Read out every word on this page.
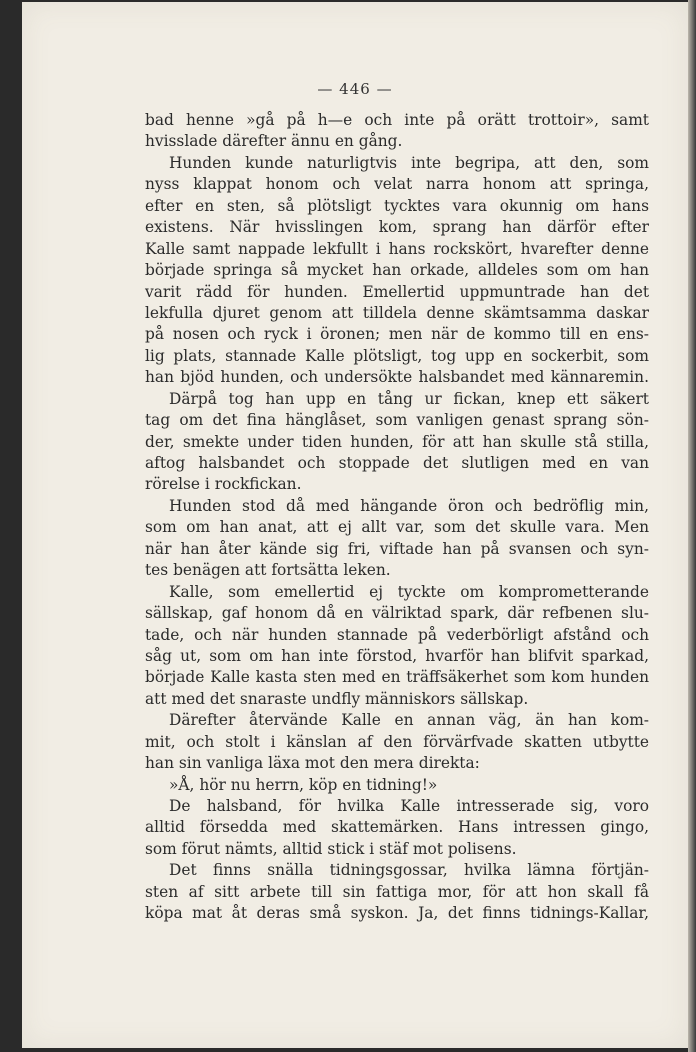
— 446 —
bad henne »gå på h—e och inte på orätt trottoir», samt
hvisslade därefter ännu en gång.
Hunden kunde naturligtvis inte begripa, att den, som
nyss klappat honom och velat narra honom att springa,
efter en sten, så plötsligt tycktes vara okunnig om hans
existens. När hvisslingen kom, sprang han därför efter
Kalle samt nappade lekfullt i hans rockskört, hvarefter denne
började springa så mycket han orkade, alldeles som om han
varit rädd för hunden. Emellertid uppmuntrade han det
lekfulla djuret genom att tilldela denne skämtsamma daskar
på nosen och ryck i öronen; men när de kommo till en ens-
lig plats, stannade Kalle plötsligt, tog upp en sockerbit, som
han bjöd hunden, och undersökte halsbandet med kännaremin.
Därpå tog han upp en tång ur fickan, knep ett säkert
tag om det fina hänglåset, som vanligen genast sprang sön-
der, smekte under tiden hunden, för att han skulle stå stilla,
aftog halsbandet och stoppade det slutligen med en van
rörelse i rockfickan.
Hunden stod då med hängande öron och bedröflig min,
som om han anat, att ej allt var, som det skulle vara. Men
när han åter kände sig fri, viftade han på svansen och syn-
tes benägen att fortsätta leken.
Kalle, som emellertid ej tyckte om komprometterande
sällskap, gaf honom då en välriktad spark, där refbenen slu-
tade, och när hunden stannade på vederbörligt afstånd och
såg ut, som om han inte förstod, hvarför han blifvit sparkad,
började Kalle kasta sten med en träffsäkerhet som kom hunden
att med det snaraste undfly människors sällskap.
Därefter återvände Kalle en annan väg, än han kom-
mit, och stolt i känslan af den förvärfvade skatten utbytte
han sin vanliga läxa mot den mera direkta:
»Å, hör nu herrn, köp en tidning!»
De halsband, för hvilka Kalle intresserade sig, voro
alltid försedda med skattemärken. Hans intressen gingo,
som förut nämts, alltid stick i stäf mot polisens.
Det finns snälla tidningsgossar, hvilka lämna förtjän-
sten af sitt arbete till sin fattiga mor, för att hon skall få
köpa mat åt deras små syskon. Ja, det finns tidnings-Kallar,
